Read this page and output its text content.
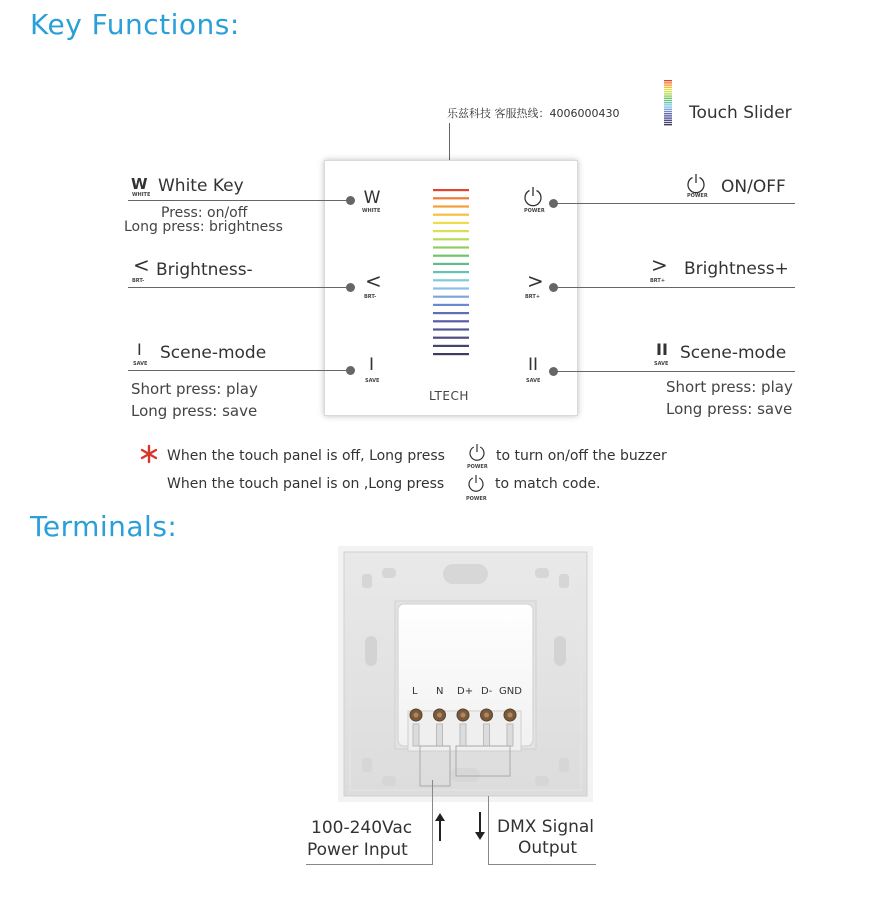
Key Functions:
Terminals:
乐兹科技 客服热线：4006000430	Touch Slider
W
WHITE	POWER
<
BRT-
>
BRT+
I
SAVE
II
SAVE
LTECH
W
WHITE White Key
Press: on/off
Long press: brightness
POWER ON/OFF
<
BRT-
Brightness-	>
BRT+
Brightness+
I
SAVE
Scene-mode
Short press: play
Long press: save
II
SAVE
Scene-mode
Short press: play
Long press: save
When the touch panel is off, Long press
POWER
to turn on/off the buzzer
When the touch panel is on ,Long press
POWER
to match code.
L N D+ D- GND
100-240Vac
Power Input
DMX Signal
Output
